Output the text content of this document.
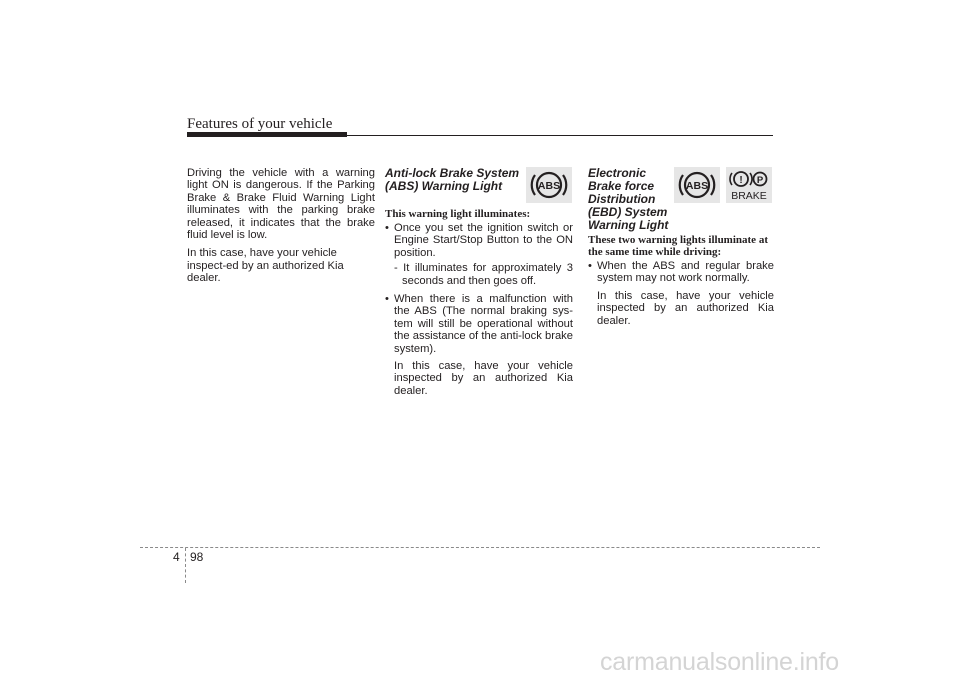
Features of your vehicle

Driving the vehicle with a warning light ON is dangerous. If the Parking Brake & Brake Fluid Warning Light illuminates with the parking brake released, it indicates that the brake fluid level is low.

In this case, have your vehicle inspect-ed by an authorized Kia dealer.

Anti-lock Brake System
(ABS) Warning Light
This warning light illuminates:
• Once you set the ignition switch or Engine Start/Stop Button to the ON position.
- It illuminates for approximately 3 seconds and then goes off.
• When there is a malfunction with the ABS (The normal braking sys-tem will still be operational without the assistance of the anti-lock brake system).
In this case, have your vehicle inspected by an authorized Kia dealer.
ABS
Electronic
Brake force
Distribution
(EBD) System
Warning Light
These two warning lights illuminate at the same time while driving:
• When the ABS and regular brake system may not work normally.
In this case, have your vehicle inspected by an authorized Kia dealer.
ABS	! P
BRAKE
4 98
carmanualsonline.info
